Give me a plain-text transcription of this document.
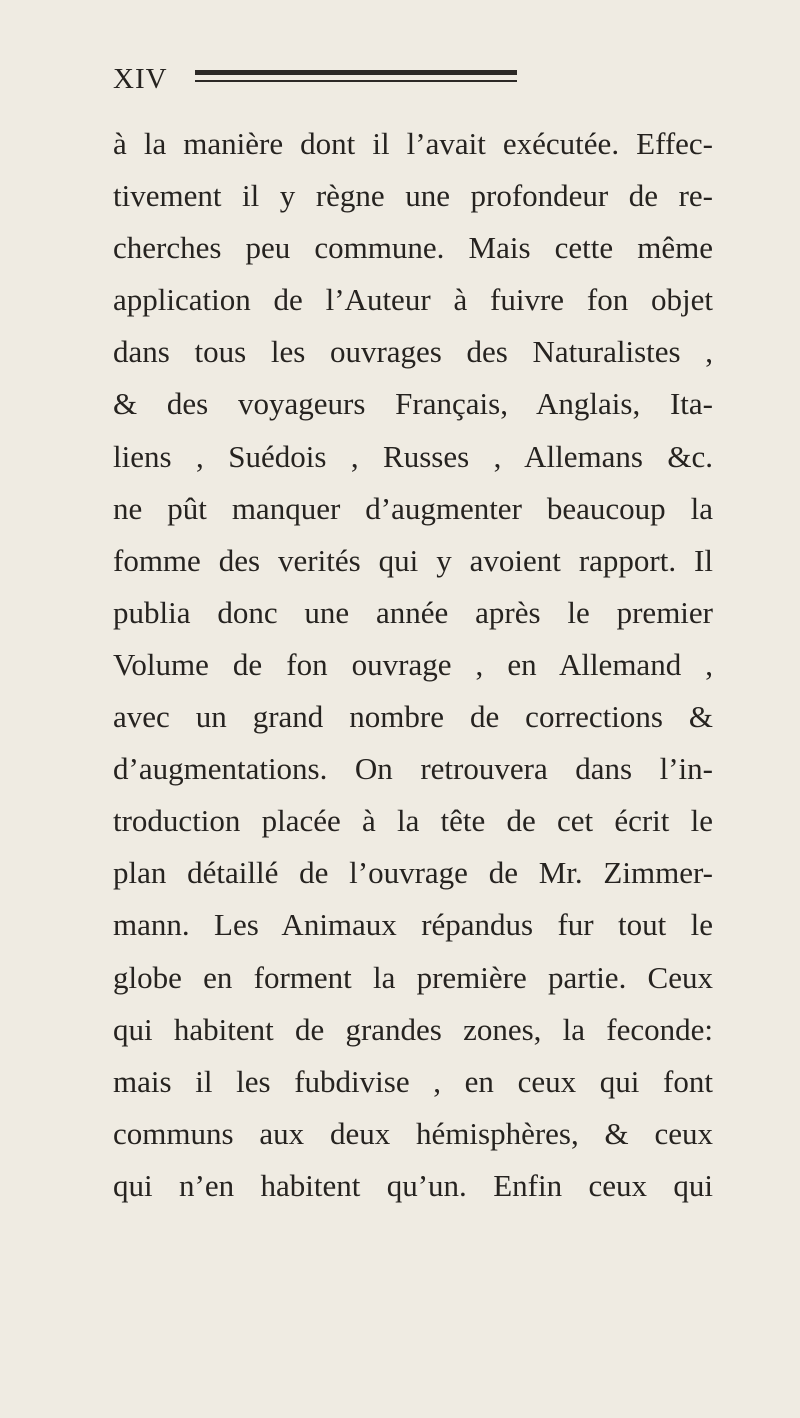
XIV
à la manière dont il l’avait exécutée. Effec-
tivement il y règne une profondeur de re-
cherches peu commune. Mais cette même
application de l’Auteur à fuivre fon objet
dans tous les ouvrages des Naturalistes ,
& des voyageurs Français, Anglais, Ita-
liens , Suédois , Russes , Allemans &c.
ne pût manquer d’augmenter beaucoup la
fomme des verités qui y avoient rapport. Il
publia donc une année après le premier
Volume de fon ouvrage , en Allemand ,
avec un grand nombre de corrections &
d’augmentations. On retrouvera dans l’in-
troduction placée à la tête de cet écrit le
plan détaillé de l’ouvrage de Mr. Zimmer-
mann. Les Animaux répandus fur tout le
globe en forment la première partie. Ceux
qui habitent de grandes zones, la feconde:
mais il les fubdivise , en ceux qui font
communs aux deux hémisphères, & ceux
qui n’en habitent qu’un. Enfin ceux qui
